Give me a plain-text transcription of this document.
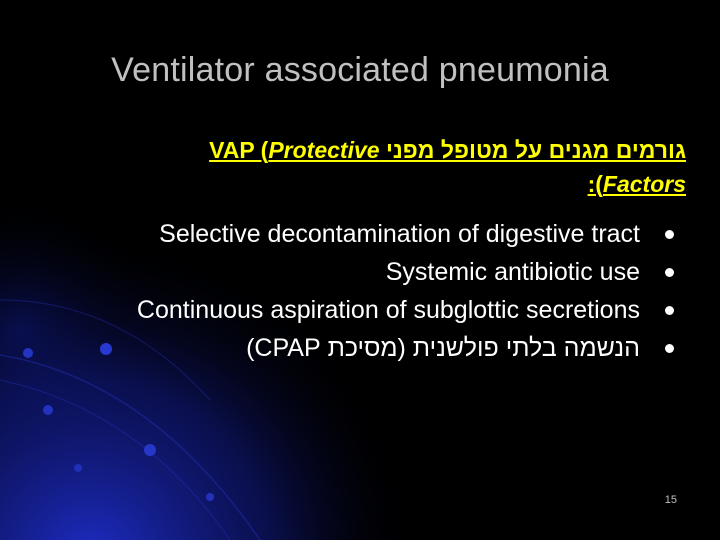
Ventilator associated pneumonia
גורמים מגנים על מטופל מפני VAP (Protective
Factors):
Selective decontamination of digestive tract
Systemic antibiotic use
Continuous aspiration of subglottic secretions
הנשמה בלתי פולשנית (מסיכת CPAP)
15
